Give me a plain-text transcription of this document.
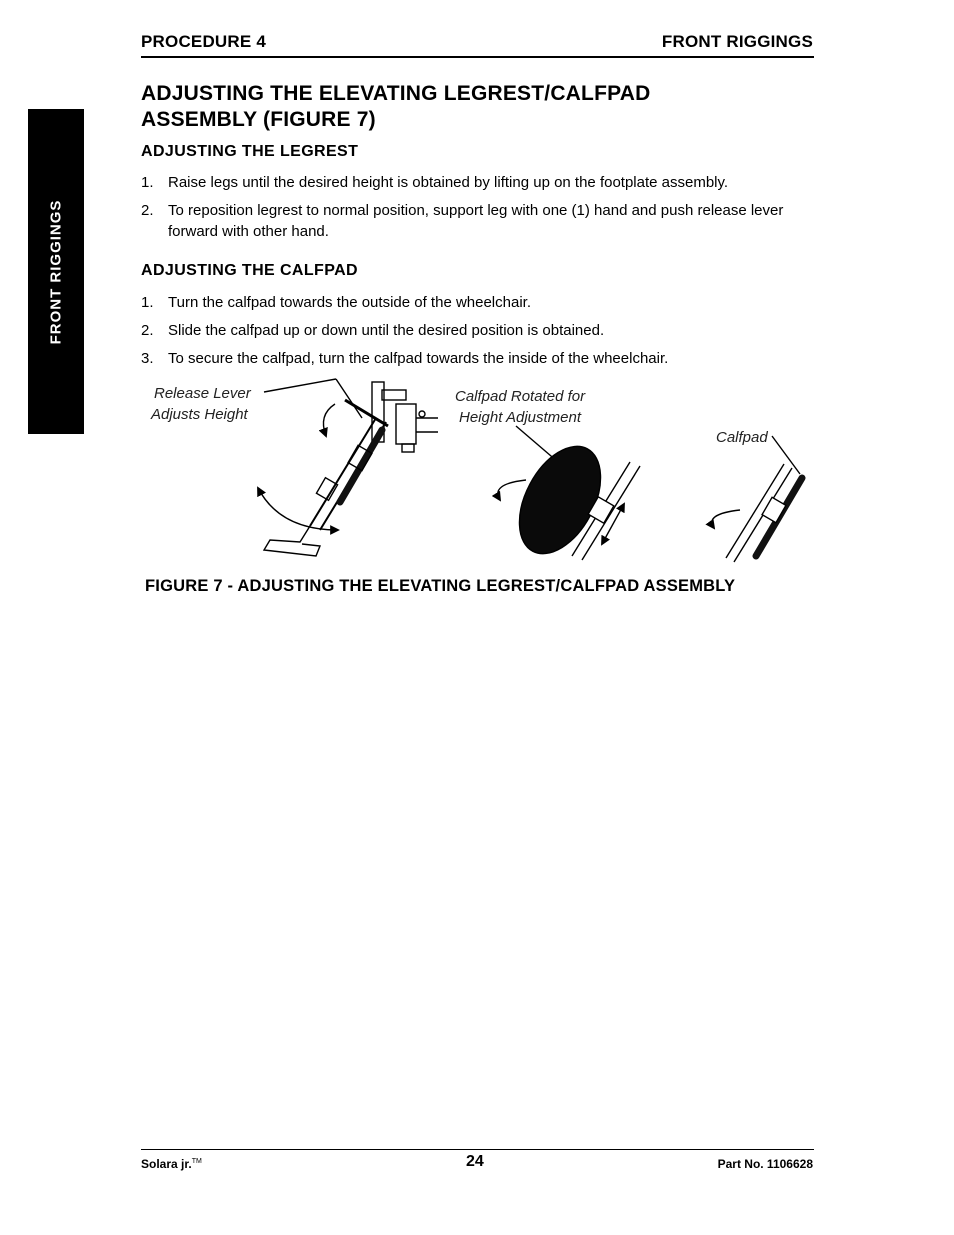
PROCEDURE 4	FRONT RIGGINGS
FRONT RIGGINGS
ADJUSTING THE ELEVATING LEGREST/CALFPAD
ASSEMBLY (FIGURE 7)
ADJUSTING THE LEGREST
1. Raise legs until the desired height is obtained by lifting up on the footplate assembly.
2. To reposition legrest to normal position, support leg with one (1) hand and push release lever forward with other hand.
ADJUSTING THE CALFPAD
1. Turn the calfpad towards the outside of the wheelchair.
2. Slide the calfpad up or down until the desired position is obtained.
3. To secure the calfpad, turn the calfpad towards the inside of the wheelchair.
Release Lever
Adjusts Height
Calfpad Rotated for
Height Adjustment
Calfpad
FIGURE 7 - ADJUSTING THE ELEVATING LEGREST/CALFPAD ASSEMBLY
Solara jr.™	24	Part No. 1106628
